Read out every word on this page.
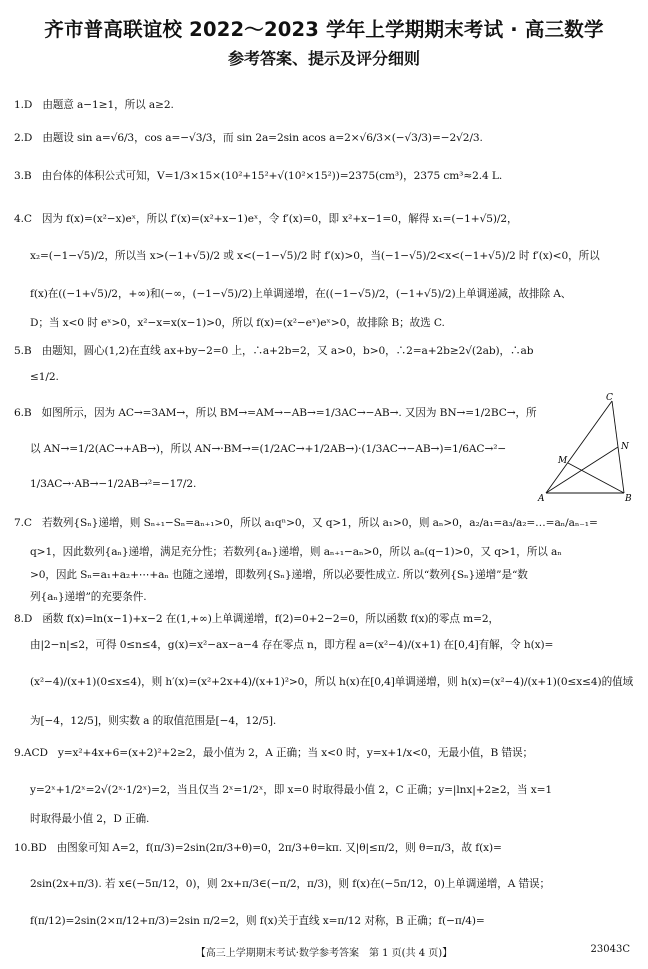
齐市普高联谊校 2022～2023 学年上学期期末考试 · 高三数学
参考答案、提示及评分细则
1.D 由题意 a−1≥1，所以 a≥2.
2.D 由题设 sin a=√6/3，cos a=−√3/3，而 sin 2a=2sin acos a=2×√6/3×(−√3/3)=−2√2/3.
3.B 由台体的体积公式可知，V=1/3×15×(10²+15²+√(10²×15²))=2375(cm³)，2375 cm³≈2.4 L.
4.C 因为 f(x)=(x²−x)eˣ，所以 f′(x)=(x²+x−1)eˣ，令 f′(x)=0，即 x²+x−1=0，解得 x₁=(−1+√5)/2，
x₂=(−1−√5)/2，所以当 x>(−1+√5)/2 或 x<(−1−√5)/2 时 f′(x)>0，当(−1−√5)/2<x<(−1+√5)/2 时 f′(x)<0，所以
f(x)在((−1+√5)/2，+∞)和(−∞，(−1−√5)/2)上单调递增，在((−1−√5)/2，(−1+√5)/2)上单调递减，故排除 A、
D；当 x<0 时 eˣ>0，x²−x=x(x−1)>0，所以 f(x)=(x²−eˣ)eˣ>0，故排除 B；故选 C.
5.B 由题知，圆心(1,2)在直线 ax+by−2=0 上，∴a+2b=2，又 a>0，b>0，∴2=a+2b≥2√(2ab)，∴ab
≤1/2.
6.B 如图所示，因为 AC→=3AM→，所以 BM→=AM→−AB→=1/3AC→−AB→. 又因为 BN→=1/2BC→，所
以 AN→=1/2(AC→+AB→)，所以 AN→·BM→=(1/2AC→+1/2AB→)·(1/3AC→−AB→)=1/6AC→²−
1/3AC→·AB→−1/2AB→²=−17/2.
7.C 若数列{Sₙ}递增，则 Sₙ₊₁−Sₙ=aₙ₊₁>0，所以 a₁qⁿ>0，又 q>1，所以 a₁>0，则 aₙ>0，a₂/a₁=a₃/a₂=…=aₙ/aₙ₋₁=
q>1，因此数列{aₙ}递增，满足充分性；若数列{aₙ}递增，则 aₙ₊₁−aₙ>0，所以 aₙ(q−1)>0，又 q>1，所以 aₙ
>0，因此 Sₙ=a₁+a₂+⋯+aₙ 也随之递增，即数列{Sₙ}递增，所以必要性成立. 所以“数列{Sₙ}递增”是“数
列{aₙ}递增”的充要条件.
8.D 函数 f(x)=ln(x−1)+x−2 在(1,+∞)上单调递增，f(2)=0+2−2=0，所以函数 f(x)的零点 m=2，
由|2−n|≤2，可得 0≤n≤4，g(x)=x²−ax−a−4 存在零点 n，即方程 a=(x²−4)/(x+1) 在[0,4]有解，令 h(x)=
(x²−4)/(x+1)(0≤x≤4)，则 h′(x)=(x²+2x+4)/(x+1)²>0，所以 h(x)在[0,4]单调递增，则 h(x)=(x²−4)/(x+1)(0≤x≤4)的值域
为[−4，12/5]，则实数 a 的取值范围是[−4，12/5].
9.ACD y=x²+4x+6=(x+2)²+2≥2，最小值为 2，A 正确；当 x<0 时，y=x+1/x<0，无最小值，B 错误；
y=2ˣ+1/2ˣ=2√(2ˣ·1/2ˣ)=2，当且仅当 2ˣ=1/2ˣ，即 x=0 时取得最小值 2，C 正确；y=|lnx|+2≥2，当 x=1
时取得最小值 2，D 正确.
10.BD 由图象可知 A=2，f(π/3)=2sin(2π/3+θ)=0，2π/3+θ=kπ. 又|θ|≤π/2，则 θ=π/3，故 f(x)=
2sin(2x+π/3). 若 x∈(−5π/12，0)，则 2x+π/3∈(−π/2，π/3)，则 f(x)在(−5π/12，0)上单调递增，A 错误；
f(π/12)=2sin(2×π/12+π/3)=2sin π/2=2，则 f(x)关于直线 x=π/12 对称，B 正确；f(−π/4)=
C
N
M
A	B
【高三上学期期末考试·数学参考答案　第 1 页(共 4 页)】	23043C
